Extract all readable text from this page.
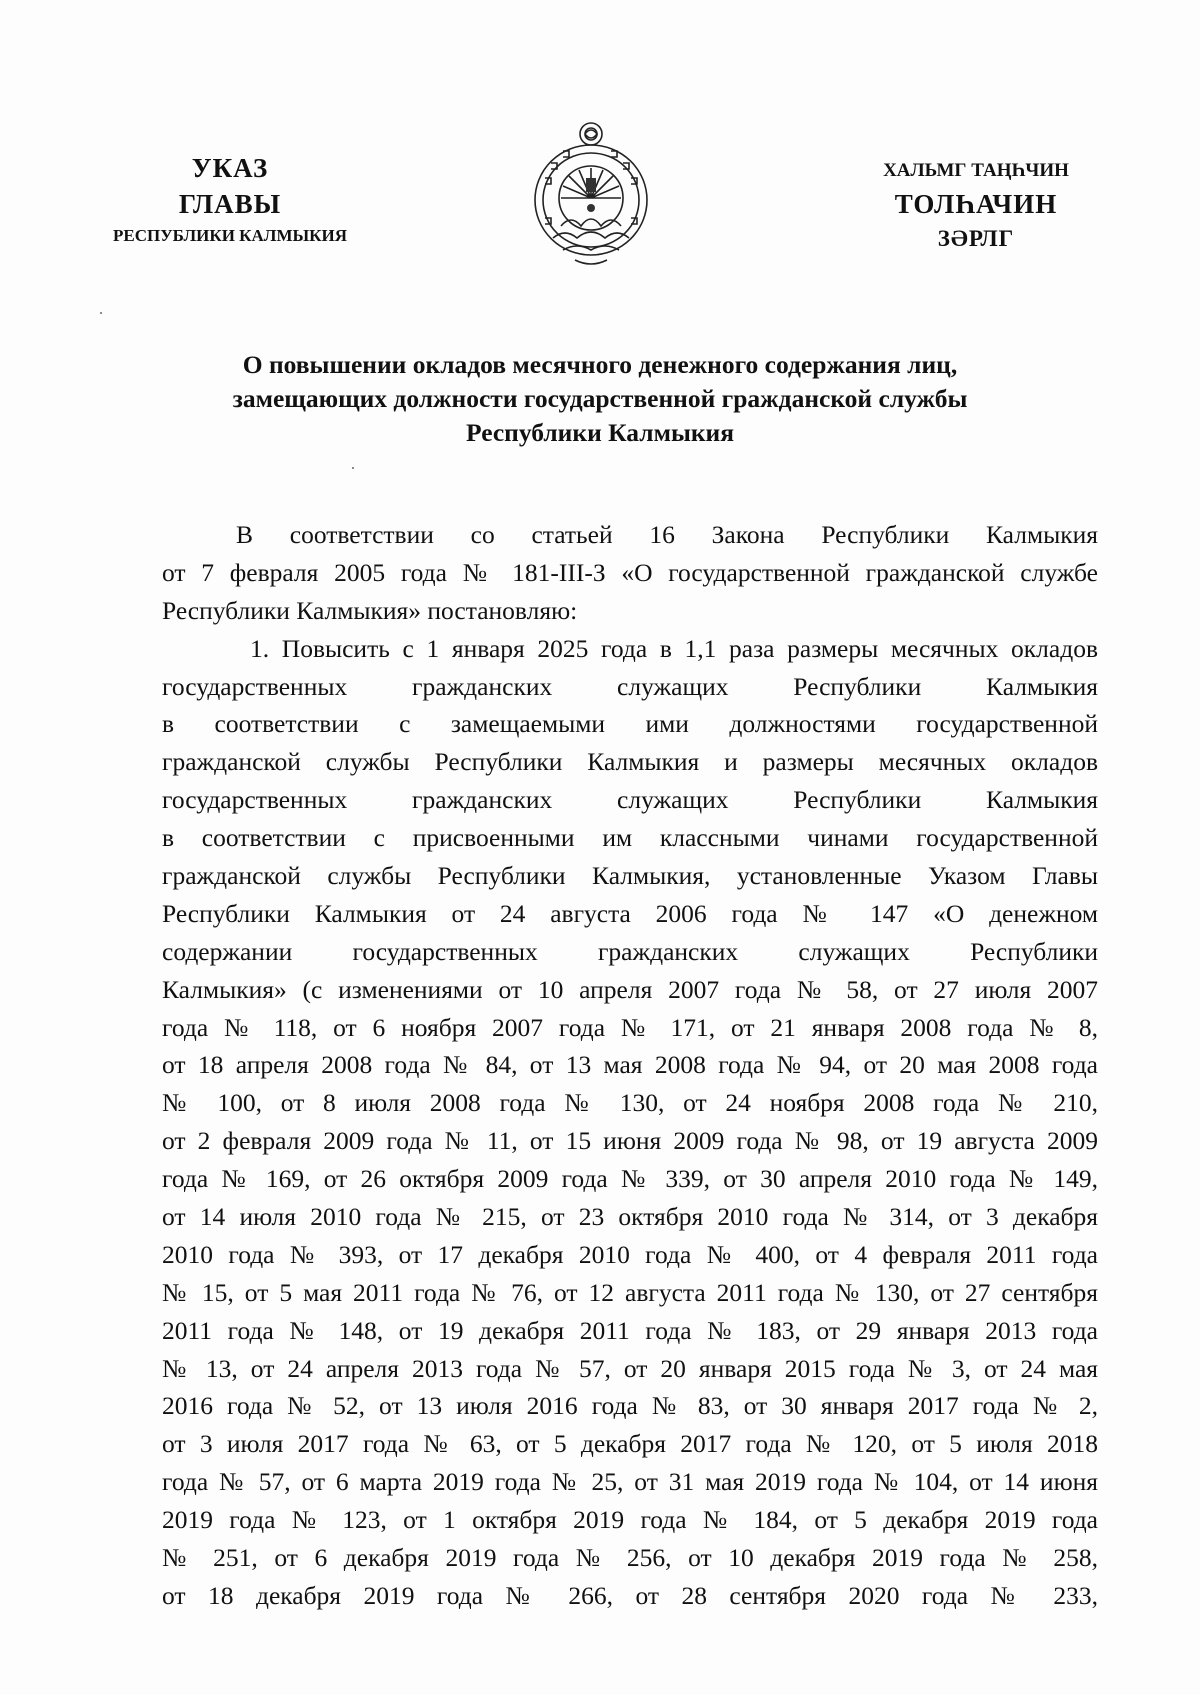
УКАЗ
ГЛАВЫ
РЕСПУБЛИКИ КАЛМЫКИЯ
ХАЛЬМГ ТАҢҺЧИН
ТОЛҺАЧИН
ЗӘРЛГ
О повышении окладов месячного денежного содержания лиц,
замещающих должности государственной гражданской службы
Республики Калмыкия
В соответствии со статьей 16 Закона Республики Калмыкия
от 7 февраля 2005 года № 181-III-З «О государственной гражданской службе
Республики Калмыкия» постановляю:
1. Повысить с 1 января 2025 года в 1,1 раза размеры месячных окладов
государственных гражданских служащих Республики Калмыкия
в соответствии с замещаемыми ими должностями государственной
гражданской службы Республики Калмыкия и размеры месячных окладов
государственных гражданских служащих Республики Калмыкия
в соответствии с присвоенными им классными чинами государственной
гражданской службы Республики Калмыкия, установленные Указом Главы
Республики Калмыкия от 24 августа 2006 года № 147 «О денежном
содержании государственных гражданских служащих Республики
Калмыкия» (с изменениями от 10 апреля 2007 года № 58, от 27 июля 2007
года № 118, от 6 ноября 2007 года № 171, от 21 января 2008 года № 8,
от 18 апреля 2008 года № 84, от 13 мая 2008 года № 94, от 20 мая 2008 года
№ 100, от 8 июля 2008 года № 130, от 24 ноября 2008 года № 210,
от 2 февраля 2009 года № 11, от 15 июня 2009 года № 98, от 19 августа 2009
года № 169, от 26 октября 2009 года № 339, от 30 апреля 2010 года № 149,
от 14 июля 2010 года № 215, от 23 октября 2010 года № 314, от 3 декабря
2010 года № 393, от 17 декабря 2010 года № 400, от 4 февраля 2011 года
№ 15, от 5 мая 2011 года № 76, от 12 августа 2011 года № 130, от 27 сентября
2011 года № 148, от 19 декабря 2011 года № 183, от 29 января 2013 года
№ 13, от 24 апреля 2013 года № 57, от 20 января 2015 года № 3, от 24 мая
2016 года № 52, от 13 июля 2016 года № 83, от 30 января 2017 года № 2,
от 3 июля 2017 года № 63, от 5 декабря 2017 года № 120, от 5 июля 2018
года № 57, от 6 марта 2019 года № 25, от 31 мая 2019 года № 104, от 14 июня
2019 года № 123, от 1 октября 2019 года № 184, от 5 декабря 2019 года
№ 251, от 6 декабря 2019 года № 256, от 10 декабря 2019 года № 258,
от 18 декабря 2019 года № 266, от 28 сентября 2020 года № 233,
